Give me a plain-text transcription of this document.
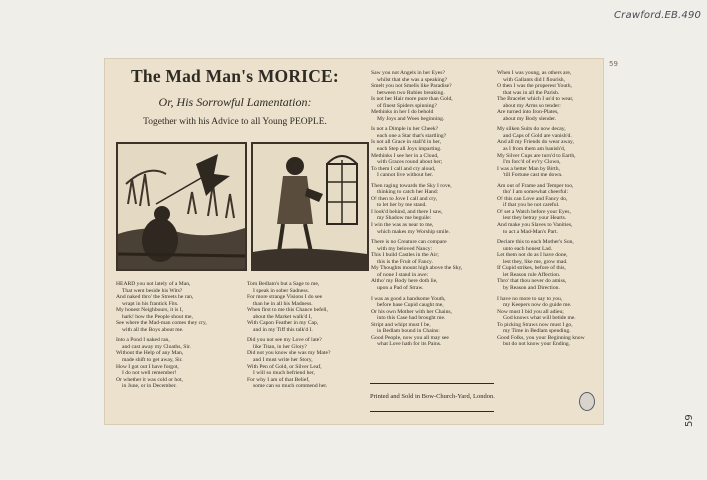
Crawford.EB.490
59
59
The Mad Man's MORICE:
Or, His Sorrowful Lamentation:
Together with his Advice to all Young PEOPLE.
HEARD you not lately of a Man,
That went beside his Wits?
And naked thro' the Streets he ran,
wrapt in his frantick Fits.
My honest Neighbours, it is I,
hark! how the People shout me,
See where the Mad-man comes they cry,
with all the Boys about me.
Into a Pond I naked ran,
and cast away my Cloaths, Sir.
Without the Help of any Man,
made shift to get away, Sir.
How I got out I have forgot,
I do not well remember!
Or whether it was cold or hot,
in June, or in December.
Tom Bedlam's but a Sage to me,
I speak in sober Sadness.
For more strange Visions I do see
than he in all his Madness.
When first to me this Chance befell,
about the Market walk'd I,
With Capon Feather in my Cap,
and in my Tiff this talk'd I.
Did you not see my Love of late?
like Titan, in her Glory?
Did not you know she was my Mate?
and I must write her Story,
With Pen of Gold, or Silver Leaf,
I will so much befriend her,
For why I am of that Belief,
some can so much commend her.
Saw you not Angels in her Eyes?
whilst that she was a speaking?
Smelt you not Smells like Paradise?
between two Rubies breaking.
Is not her Hair more pure than Gold,
of finest Spiders spinning?
Methinks in her I do behold
My Joys and Woes beginning.
Is not a Dimple in her Cheek?
each one a Star that's startling?
Is not all Grace in stall'd in her,
each Step all Joys imparting.
Methinks I see her in a Cloud,
with Graces round about her;
To them I call and cry aloud,
I cannot live without her.
Then raging towards the Sky I rove,
thinking to catch her Hand:
O! then to Jove I call and cry,
to let her by me stand.
I look'd behind, and there I saw,
my Shadow me beguile:
I win the was as near to me,
which makes my Worship smile.
There is no Creature can compare
with my beloved Nancy:
This I build Castles in the Air;
this is the Fruit of Fancy.
My Thoughts mount high above the Sky,
of none I stand in awe:
Altho' my Body here doth lie,
upon a Pad of Straw.
I was as good a handsome Youth,
before base Cupid caught me,
Or his own Mother with her Chains,
into this Case had brought me.
Stript and whipt must I be,
in Bedlam bound in Chains:
Good People, now you all may see
what Love hath for its Pains.
When I was young, as others are,
with Gallants did I flourish,
O then I was the properest Youth,
that was in all the Parish.
The Bracelet which I us'd to wear,
about my Arms so tender:
Are turned into Iron-Plates,
about my Body slender.
My silken Suits do now decay,
and Caps of Gold are vanish'd.
And all my Friends do wear away,
as I from them am banish'd,
My Silver Cups are turn'd to Earth,
I'm forc'd of ev'ry Clown,
I was a better Man by Birth,
'till Fortune cast me down.
Am out of Frame and Temper too,
tho' I am somewhat cheerful:
O! this can Love and Fancy do,
if that you be not careful.
O! set a Watch before your Eyes,
lest they betray your Hearts.
And make you Slaves to Vanities,
to act a Mad-Man's Part.
Declare this to each Mother's Son,
unto each honest Lad.
Let them not do as I have done,
lest they, like me, grow mad.
If Cupid strikes, before of this,
let Reason rule Affection.
Thro' that thou never do amiss,
by Reason and Direction.
I have no more to say to you,
my Keepers now do guide me.
Now must I bid you all adieu;
God knows what will betide me.
To picking Straws now must I go,
my Time in Bedlam spending.
Good Folks, you your Beginning know
but do not know your Ending.
Printed and Sold in Bow-Church-Yard, London.
